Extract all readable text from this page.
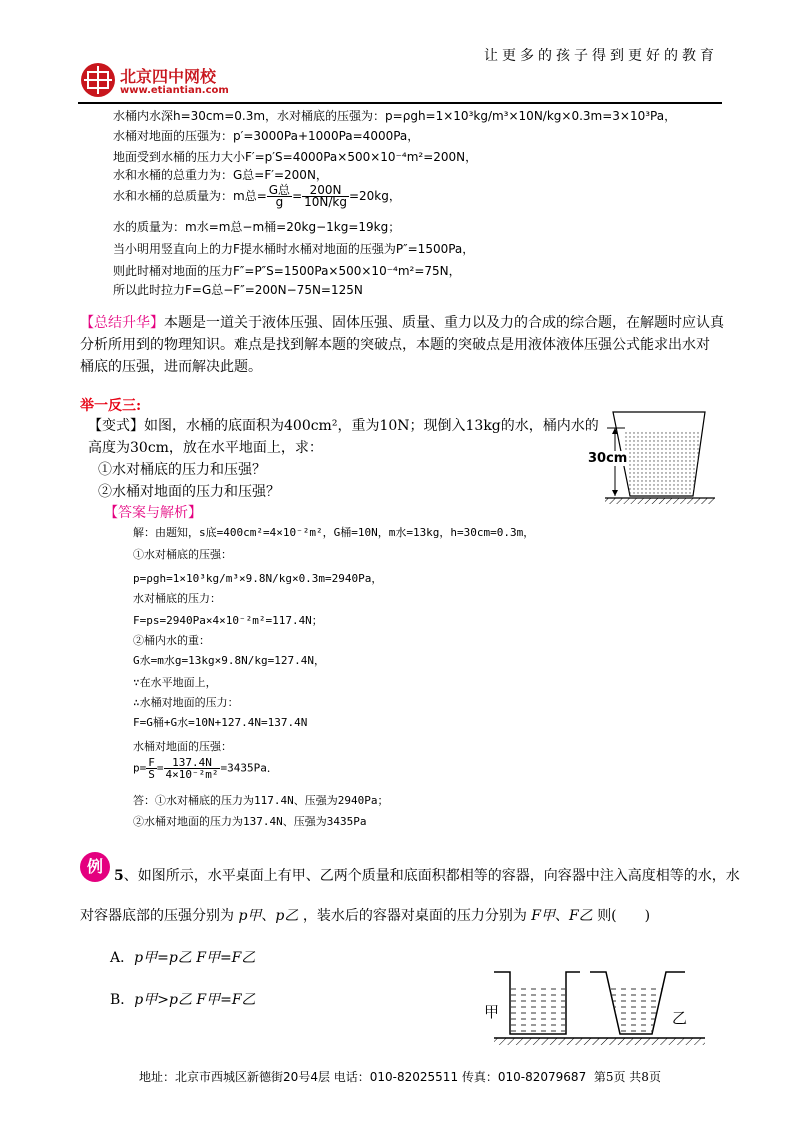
北京四中网校
www.etiantian.com
让更多的孩子得到更好的教育
水桶内水深h=30cm=0.3m，水对桶底的压强为：p=ρgh=1×10³kg/m³×10N/kg×0.3m=3×10³Pa，
水桶对地面的压强为：p′=3000Pa+1000Pa=4000Pa，
地面受到水桶的压力大小F′=p′S=4000Pa×500×10⁻⁴m²=200N，
水和水桶的总重力为：G总=F′=200N，
水和水桶的总质量为：m总= $\frac{\text{G总}}{g} = \frac{200N}{10N/kg} =20kg$，
水的质量为：m水=m总−m桶=20kg−1kg=19kg；
当小明用竖直向上的力F提水桶时水桶对地面的压强为P″=1500Pa，
则此时桶对地面的压力F″=P″S=1500Pa×500×10⁻⁴m²=75N，
所以此时拉力F=G总−F″=200N−75N=125N
【总结升华】本题是一道关于液体压强、固体压强、质量、重力以及力的合成的综合题，在解题时应认真
分析所用到的物理知识。难点是找到解本题的突破点，本题的突破点是用液体液体压强公式能求出水对
桶底的压强，进而解决此题。
举一反三:
【变式】如图，水桶的底面积为400cm²，重为10N；现倒入13kg的水，桶内水的
高度为30cm，放在水平地面上，求：
①水对桶底的压力和压强？
②水桶对地面的压力和压强？
【答案与解析】
30cm
解：由题知，s底=400cm²=4×10⁻²m²，G桶=10N，m水=13kg，h=30cm=0.3m，
①水对桶底的压强：
p=ρgh=1×10³kg/m³×9.8N/kg×0.3m=2940Pa，
水对桶底的压力：
F=ps=2940Pa×4×10⁻²m²=117.4N；
②桶内水的重：
G水=m水g=13kg×9.8N/kg=127.4N，
∵在水平地面上，
∴水桶对地面的压力：
F=G桶+G水=10N+127.4N=137.4N
水桶对地面的压强：
$p= \frac{F}{S} = \frac{137.4N}{\text{4×10⁻²m²}} =3435Pa$．
答：①水对桶底的压力为117.4N、压强为2940Pa；
②水桶对地面的压力为137.4N、压强为3435Pa
例 5、如图所示，水平桌面上有甲、乙两个质量和底面积都相等的容器，向容器中注入高度相等的水，水
对容器底部的压强分别为 p甲、p乙 ，装水后的容器对桌面的压力分别为 F甲、F乙 则(　　)
A．p甲=p乙 F甲=F乙
B．p甲>p乙 F甲=F乙
甲	乙
地址：北京市西城区新德街20号4层 电话：010-82025511 传真：010-82079687 第5页 共8页
